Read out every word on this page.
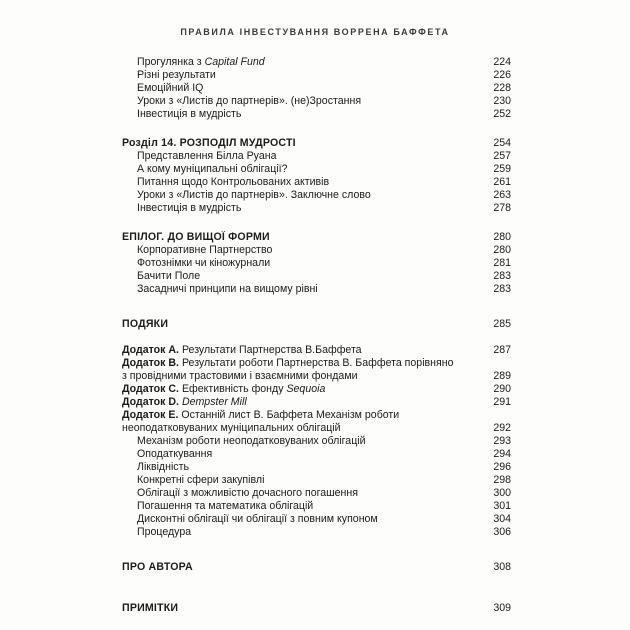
ПРАВИЛА ІНВЕСТУВАННЯ ВОРРЕНА БАФФЕТА
Прогулянка з Capital Fund	224
Різні результати	226
Емоційний IQ	228
Уроки з «Листів до партнерів». (не)Зростання	230
Інвестиція в мудрість	252
Розділ 14. РОЗПОДІЛ МУДРОСТІ	254
Представлення Білла Руана	257
А кому муніципальні облігації?	259
Питання щодо Контрольованих активів	261
Уроки з «Листів до партнерів». Заключне слово	263
Інвестиція в мудрість	278
ЕПІЛОГ. ДО ВИЩОЇ ФОРМИ	280
Корпоративне Партнерство	280
Фотознімки чи кіножурнали	281
Бачити Поле	283
Засадничі принципи на вищому рівні	283
ПОДЯКИ	285
Додаток A. Результати Партнерства В.Баффета	287
Додаток B. Результати роботи Партнерства В. Баффета порівняно
з провідними трастовими і взаємними фондами	289
Додаток C. Ефективність фонду Sequoia	290
Додаток D. Dempster Mill	291
Додаток E. Останній лист В. Баффета Механізм роботи
неоподатковуваних муніципальних облігацій	292
Механізм роботи неоподатковуваних облігацій	293
Оподаткування	294
Ліквідність	296
Конкретні сфери закупівлі	298
Облігації з можливістю дочасного погашення	300
Погашення та математика облігацій	301
Дисконтні облігації чи облігації з повним купоном	304
Процедура	306
ПРО АВТОРА	308
ПРИМІТКИ	309
